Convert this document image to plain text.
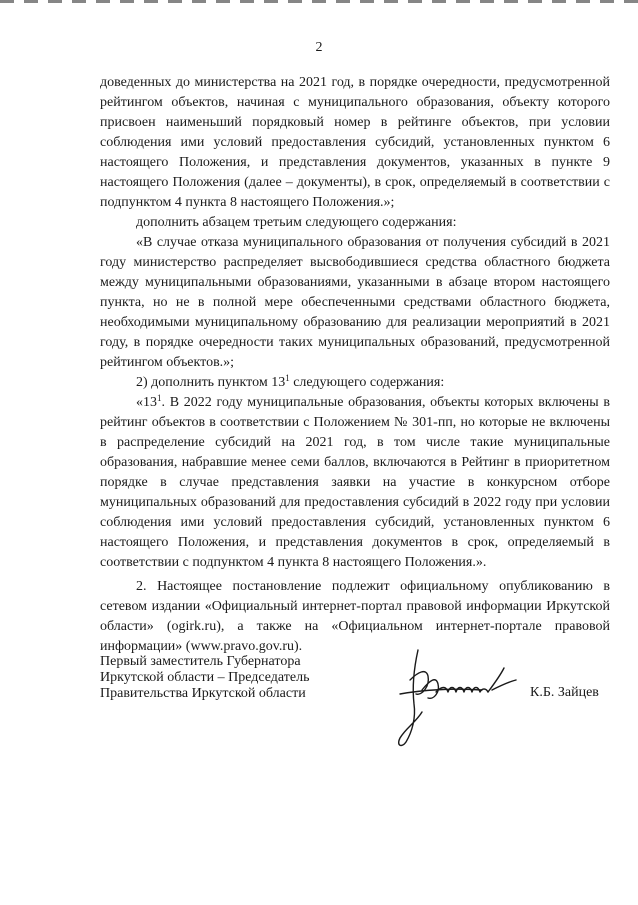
2

доведенных до министерства на 2021 год, в порядке очередности, предусмотренной рейтингом объектов, начиная с муниципального образования, объекту которого присвоен наименьший порядковый номер в рейтинге объектов, при условии соблюдения ими условий предоставления субсидий, установленных пунктом 6 настоящего Положения, и представления документов, указанных в пункте 9 настоящего Положения (далее – документы), в срок, определяемый в соответствии с подпунктом 4 пункта 8 настоящего Положения.»;

дополнить абзацем третьим следующего содержания:

«В случае отказа муниципального образования от получения субсидий в 2021 году министерство распределяет высвободившиеся средства областного бюджета между муниципальными образованиями, указанными в абзаце втором настоящего пункта, но не в полной мере обеспеченными средствами областного бюджета, необходимыми муниципальному образованию для реализации мероприятий в 2021 году, в порядке очередности таких муниципальных образований, предусмотренной рейтингом объектов.»;

2) дополнить пунктом $13^1$ следующего содержания:

«$13^1$. В 2022 году муниципальные образования, объекты которых включены в рейтинг объектов в соответствии с Положением № 301-пп, но которые не включены в распределение субсидий на 2021 год, в том числе такие муниципальные образования, набравшие менее семи баллов, включаются в Рейтинг в приоритетном порядке в случае представления заявки на участие в конкурсном отборе муниципальных образований для предоставления субсидий в 2022 году при условии соблюдения ими условий предоставления субсидий, установленных пунктом 6 настоящего Положения, и представления документов в срок, определяемый в соответствии с подпунктом 4 пункта 8 настоящего Положения.».

2. Настоящее постановление подлежит официальному опубликованию в сетевом издании «Официальный интернет-портал правовой информации Иркутской области» (ogirk.ru), а также на «Официальном интернет-портале правовой информации» (www.pravo.gov.ru).

Первый заместитель Губернатора
Иркутской области – Председатель
Правительства Иркутской области	К.Б. Зайцев
